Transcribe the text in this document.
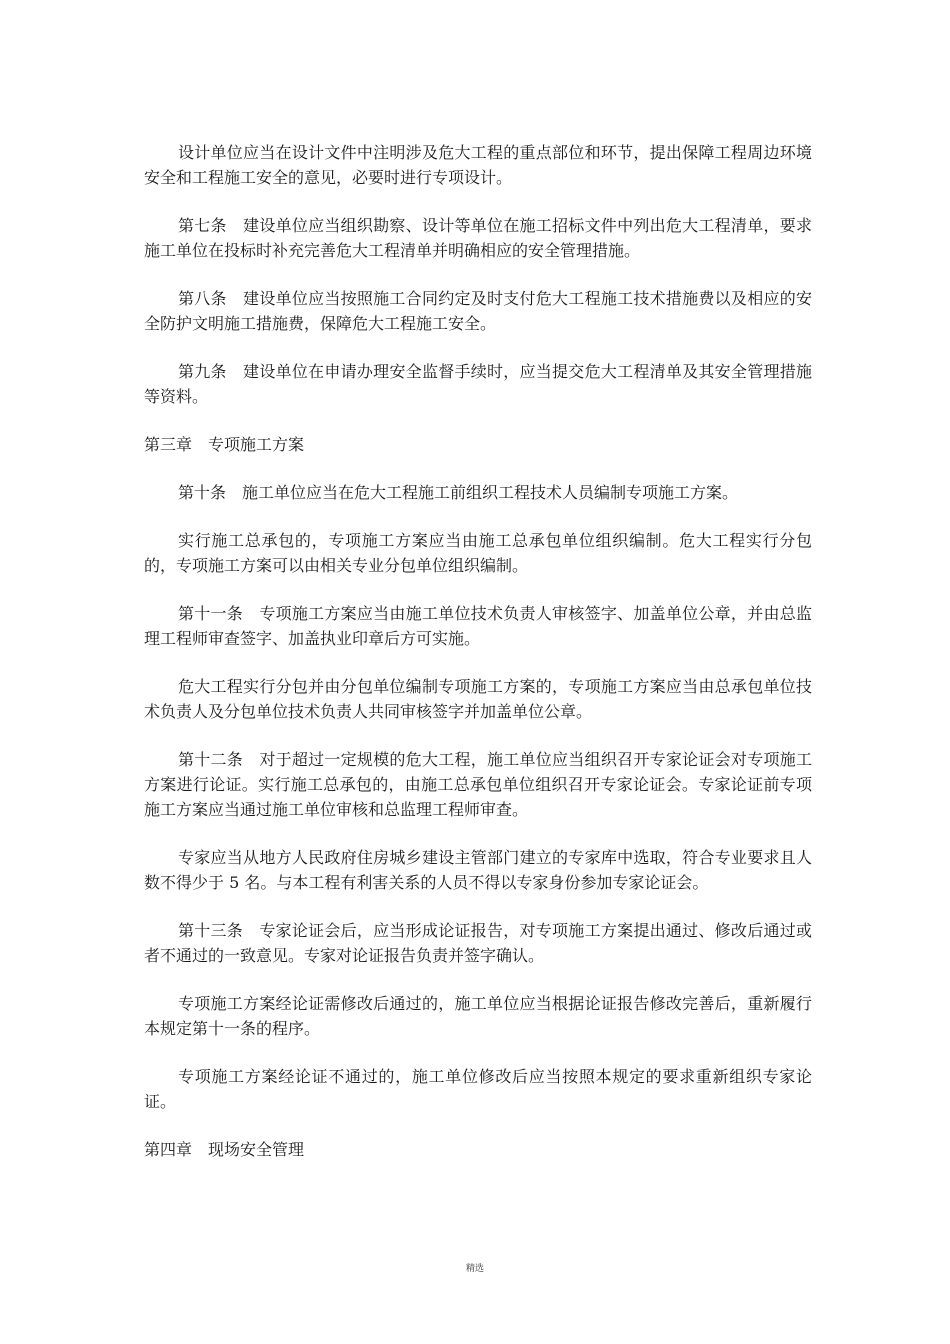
设计单位应当在设计文件中注明涉及危大工程的重点部位和环节，提出保障工程周边环境安全和工程施工安全的意见，必要时进行专项设计。

第七条 建设单位应当组织勘察、设计等单位在施工招标文件中列出危大工程清单，要求施工单位在投标时补充完善危大工程清单并明确相应的安全管理措施。

第八条 建设单位应当按照施工合同约定及时支付危大工程施工技术措施费以及相应的安全防护文明施工措施费，保障危大工程施工安全。

第九条 建设单位在申请办理安全监督手续时，应当提交危大工程清单及其安全管理措施等资料。

第三章 专项施工方案

第十条 施工单位应当在危大工程施工前组织工程技术人员编制专项施工方案。

实行施工总承包的，专项施工方案应当由施工总承包单位组织编制。危大工程实行分包的，专项施工方案可以由相关专业分包单位组织编制。

第十一条 专项施工方案应当由施工单位技术负责人审核签字、加盖单位公章，并由总监理工程师审查签字、加盖执业印章后方可实施。

危大工程实行分包并由分包单位编制专项施工方案的，专项施工方案应当由总承包单位技术负责人及分包单位技术负责人共同审核签字并加盖单位公章。

第十二条 对于超过一定规模的危大工程，施工单位应当组织召开专家论证会对专项施工方案进行论证。实行施工总承包的，由施工总承包单位组织召开专家论证会。专家论证前专项施工方案应当通过施工单位审核和总监理工程师审查。

专家应当从地方人民政府住房城乡建设主管部门建立的专家库中选取，符合专业要求且人数不得少于 5 名。与本工程有利害关系的人员不得以专家身份参加专家论证会。

第十三条 专家论证会后，应当形成论证报告，对专项施工方案提出通过、修改后通过或者不通过的一致意见。专家对论证报告负责并签字确认。

专项施工方案经论证需修改后通过的，施工单位应当根据论证报告修改完善后，重新履行本规定第十一条的程序。

专项施工方案经论证不通过的，施工单位修改后应当按照本规定的要求重新组织专家论证。

第四章 现场安全管理

精选
